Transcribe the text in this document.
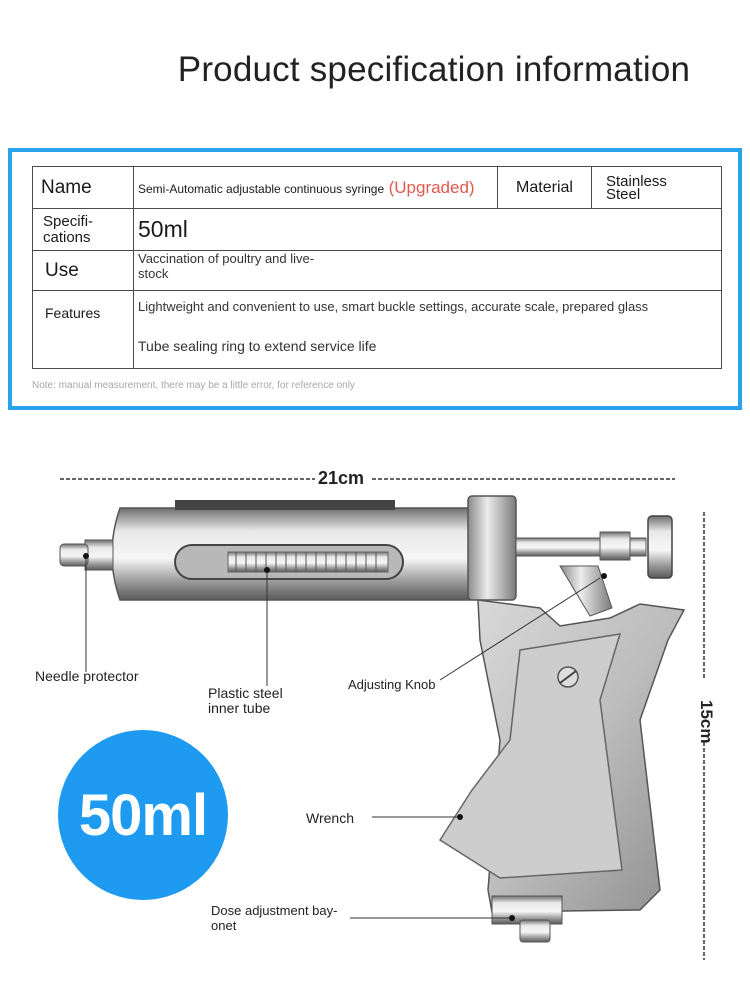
Product specification information
Name	Semi-Automatic adjustable continuous syringe (Upgraded)	Material	Stainless
Steel

Specifi-
cations	50ml		
Use	Vaccination of poultry and live-
stock		

Features	Lightweight and convenient to use, smart buckle settings, accurate scale, prepared glass
Tube sealing ring to extend service life		
Note: manual measurement, there may be a little error, for reference only
21cm
15cm
Needle protector
Plastic steel
inner tube
Adjusting Knob
Wrench
Dose adjustment bay-
onet
50ml
